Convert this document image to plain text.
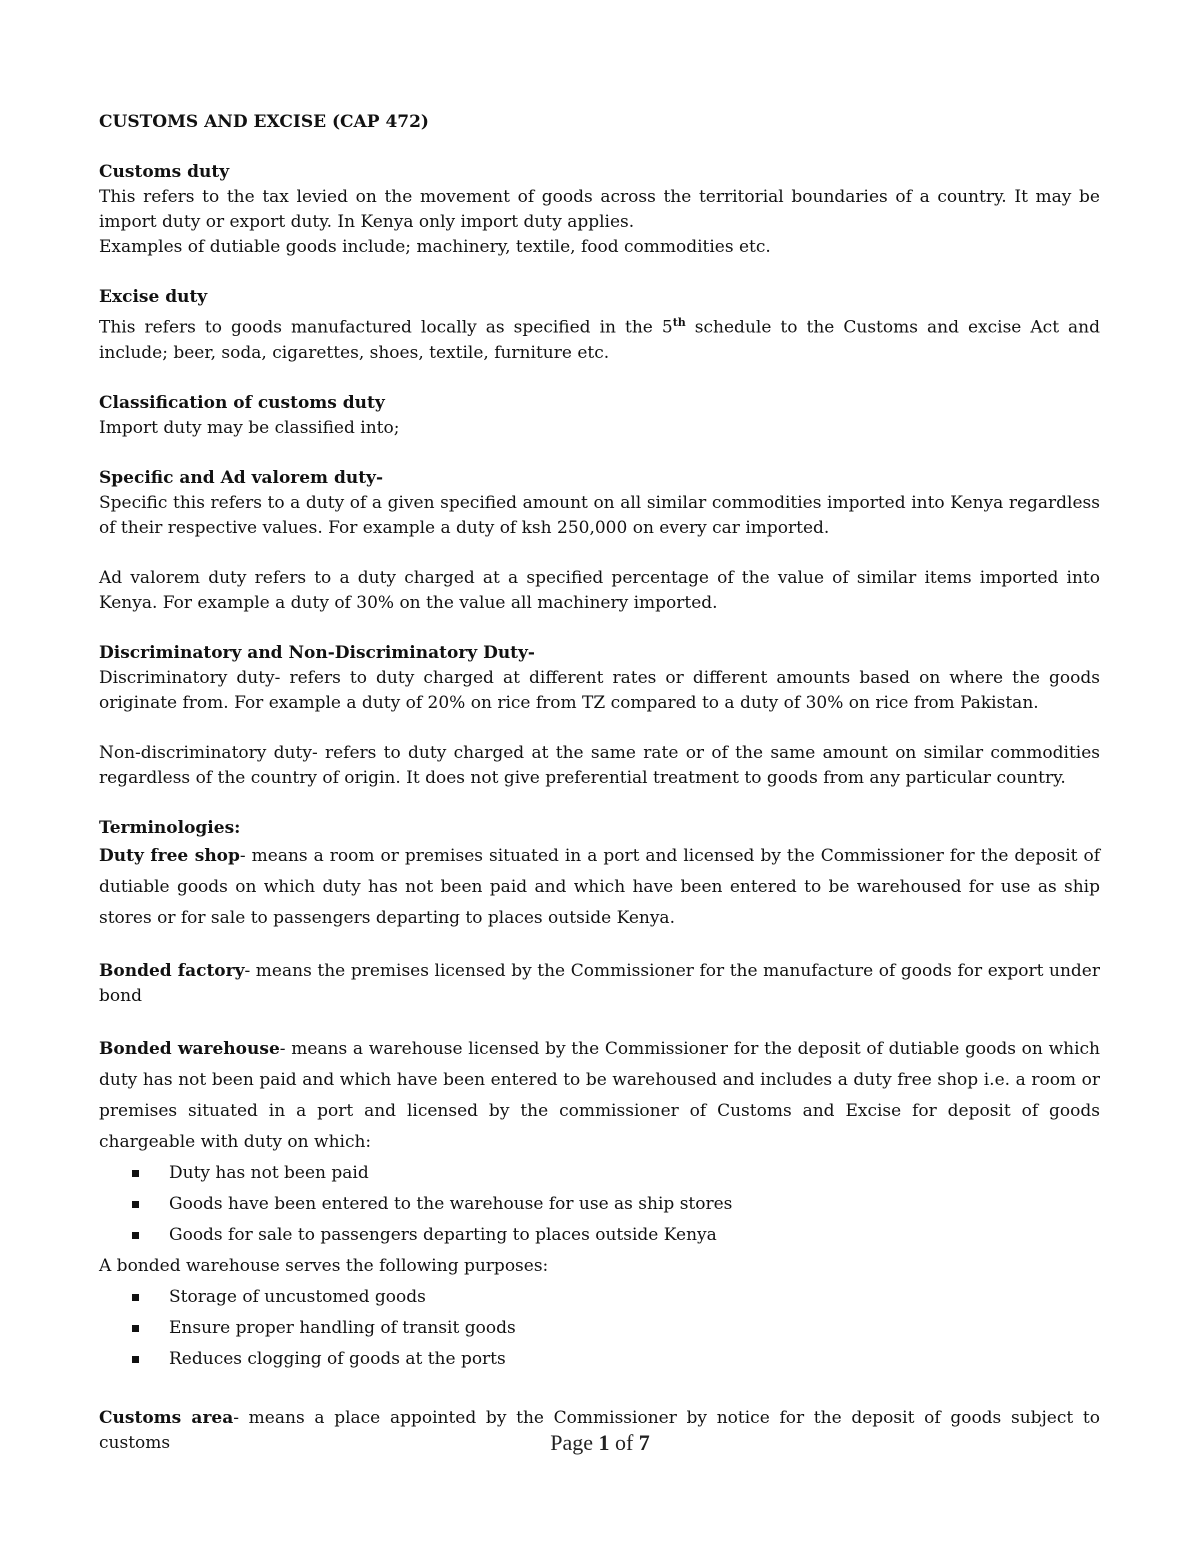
CUSTOMS AND EXCISE (CAP 472)

Customs duty

This refers to the tax levied on the movement of goods across the territorial boundaries of a country. It may be import duty or export duty. In Kenya only import duty applies.

Examples of dutiable goods include; machinery, textile, food commodities etc.

Excise duty

This refers to goods manufactured locally as specified in the 5th schedule to the Customs and excise Act and include; beer, soda, cigarettes, shoes, textile, furniture etc.

Classification of customs duty

Import duty may be classified into;

Specific and Ad valorem duty-

Specific this refers to a duty of a given specified amount on all similar commodities imported into Kenya regardless of their respective values. For example a duty of ksh 250,000 on every car imported.

Ad valorem duty refers to a duty charged at a specified percentage of the value of similar items imported into Kenya. For example a duty of 30% on the value all machinery imported.

Discriminatory and Non-Discriminatory Duty-

Discriminatory duty- refers to duty charged at different rates or different amounts based on where the goods originate from. For example a duty of 20% on rice from TZ compared to a duty of 30% on rice from Pakistan.

Non-discriminatory duty- refers to duty charged at the same rate or of the same amount on similar commodities regardless of the country of origin. It does not give preferential treatment to goods from any particular country.

Terminologies:

Duty free shop- means a room or premises situated in a port and licensed by the Commissioner for the deposit of dutiable goods on which duty has not been paid and which have been entered to be warehoused for use as ship stores or for sale to passengers departing to places outside Kenya.

Bonded factory- means the premises licensed by the Commissioner for the manufacture of goods for export under bond

Bonded warehouse- means a warehouse licensed by the Commissioner for the deposit of dutiable goods on which duty has not been paid and which have been entered to be warehoused and includes a duty free shop i.e. a room or premises situated in a port and licensed by the commissioner of Customs and Excise for deposit of goods chargeable with duty on which:

Duty has not been paid
Goods have been entered to the warehouse for use as ship stores
Goods for sale to passengers departing to places outside Kenya

A bonded warehouse serves the following purposes:

Storage of uncustomed goods
Ensure proper handling of transit goods
Reduces clogging of goods at the ports

Customs area- means a place appointed by the Commissioner by notice for the deposit of goods subject to customs	Page 1 of 7
